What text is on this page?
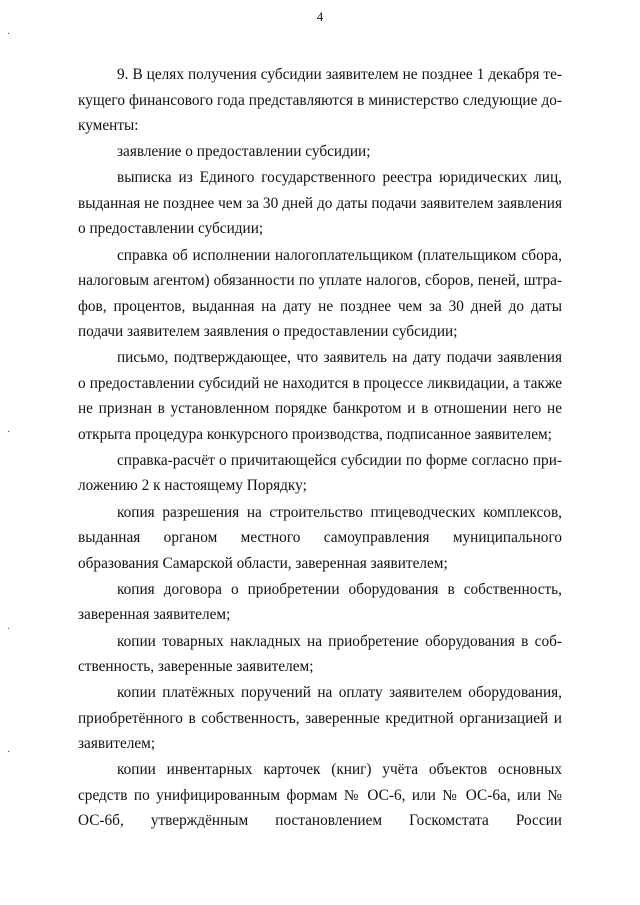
4

9. В целях получения субсидии заявителем не позднее 1 декабря текущего финансового года представляются в министерство следующие документы:

заявление о предоставлении субсидии;

выписка из Единого государственного реестра юридических лиц, выданная не позднее чем за 30 дней до даты подачи заявителем заявления о предоставлении субсидии;

справка об исполнении налогоплательщиком (плательщиком сбора, налоговым агентом) обязанности по уплате налогов, сборов, пеней, штрафов, процентов, выданная на дату не позднее чем за 30 дней до даты подачи заявителем заявления о предоставлении субсидии;

письмо, подтверждающее, что заявитель на дату подачи заявления о предоставлении субсидий не находится в процессе ликвидации, а также не признан в установленном порядке банкротом и в отношении него не открыта процедура конкурсного производства, подписанное заявителем;

справка-расчёт о причитающейся субсидии по форме согласно приложению 2 к настоящему Порядку;

копия разрешения на строительство птицеводческих комплексов, выданная органом местного самоуправления муниципального образования Самарской области, заверенная заявителем;

копия договора о приобретении оборудования в собственность, заверенная заявителем;

копии товарных накладных на приобретение оборудования в собственность, заверенные заявителем;

копии платёжных поручений на оплату заявителем оборудования, приобретённого в собственность, заверенные кредитной организацией и заявителем;

копии инвентарных карточек (книг) учёта объектов основных средств по унифицированным формам № ОС-6, или № ОС-6а, или № ОС-6б, утверждённым постановлением Госкомстата России

·
·
·
·
